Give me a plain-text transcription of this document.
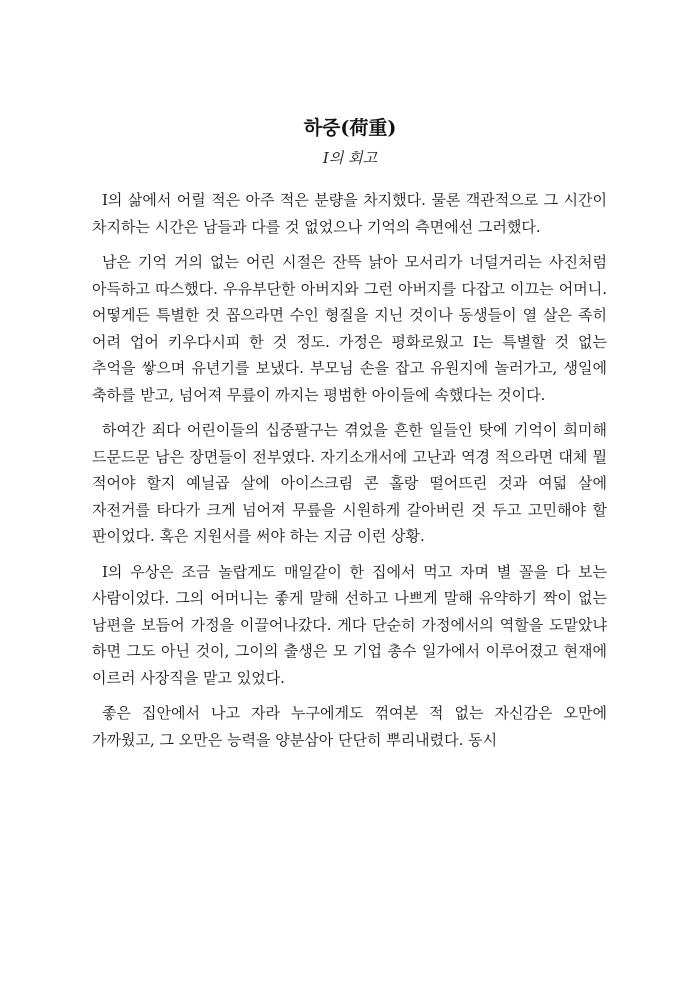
하중(荷重)
I의 회고

I의 삶에서 어릴 적은 아주 적은 분량을 차지했다. 물론 객관적으로 그 시간이 차지하는 시간은 남들과 다를 것 없었으나 기억의 측면에선 그러했다.

남은 기억 거의 없는 어린 시절은 잔뜩 낡아 모서리가 너덜거리는 사진처럼 아득하고 따스했다. 우유부단한 아버지와 그런 아버지를 다잡고 이끄는 어머니. 어떻게든 특별한 것 꼽으라면 수인 형질을 지닌 것이나 동생들이 열 살은 족히 어려 업어 키우다시피 한 것 정도. 가정은 평화로웠고 I는 특별할 것 없는 추억을 쌓으며 유년기를 보냈다. 부모님 손을 잡고 유원지에 놀러가고, 생일에 축하를 받고, 넘어져 무릎이 까지는 평범한 아이들에 속했다는 것이다.

하여간 죄다 어린이들의 십중팔구는 겪었을 흔한 일들인 탓에 기억이 희미해 드문드문 남은 장면들이 전부였다. 자기소개서에 고난과 역경 적으라면 대체 뭘 적어야 할지 예닐곱 살에 아이스크림 콘 홀랑 떨어뜨린 것과 여덟 살에 자전거를 타다가 크게 넘어져 무릎을 시원하게 갈아버린 것 두고 고민해야 할 판이었다. 혹은 지원서를 써야 하는 지금 이런 상황.

I의 우상은 조금 놀랍게도 매일같이 한 집에서 먹고 자며 별 꼴을 다 보는 사람이었다. 그의 어머니는 좋게 말해 선하고 나쁘게 말해 유약하기 짝이 없는 남편을 보듬어 가정을 이끌어나갔다. 게다 단순히 가정에서의 역할을 도맡았냐 하면 그도 아닌 것이, 그이의 출생은 모 기업 총수 일가에서 이루어졌고 현재에 이르러 사장직을 맡고 있었다.

좋은 집안에서 나고 자라 누구에게도 꺾여본 적 없는 자신감은 오만에 가까웠고, 그 오만은 능력을 양분삼아 단단히 뿌리내렸다. 동시
